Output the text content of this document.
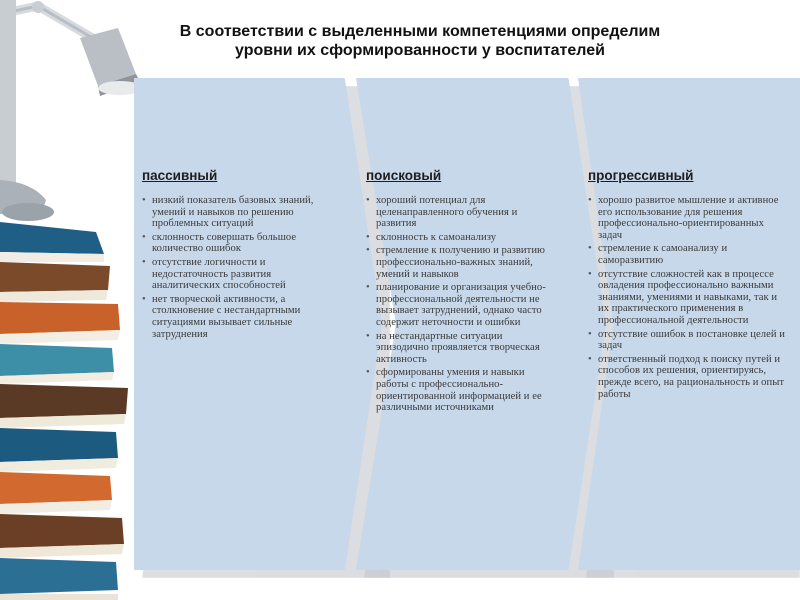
В соответствии с выделенными компетенциями определим уровни их сформированности у воспитателей
пассивный
• низкий показатель базовых знаний, умений и навыков по решению проблемных ситуаций
• склонность совершать большое количество ошибок
• отсутствие логичности и недостаточность развития аналитических способностей
• нет творческой активности, а столкновение с нестандартными ситуациями вызывает сильные затруднения
поисковый
• хороший потенциал для целенаправленного обучения и развития
• склонность к самоанализу
• стремление к получению и развитию профессионально-важных знаний, умений и навыков
• планирование и организация учебно-профессиональной деятельности не вызывает затруднений, однако часто содержит неточности и ошибки
• на нестандартные ситуации эпизодично проявляется творческая активность
• сформированы умения и навыки работы с профессионально-ориентированной информацией и ее различными источниками
прогрессивный
• хорошо развитое мышление и активное его использование для решения профессионально-ориентированных задач
• стремление к самоанализу и саморазвитию
• отсутствие сложностей как в процессе овладения профессионально важными знаниями, умениями и навыками, так и их практического применения в профессиональной деятельности
• отсутствие ошибок в постановке целей и задач
• ответственный подход к поиску путей и способов их решения, ориентируясь, прежде всего, на рациональность и опыт работы
